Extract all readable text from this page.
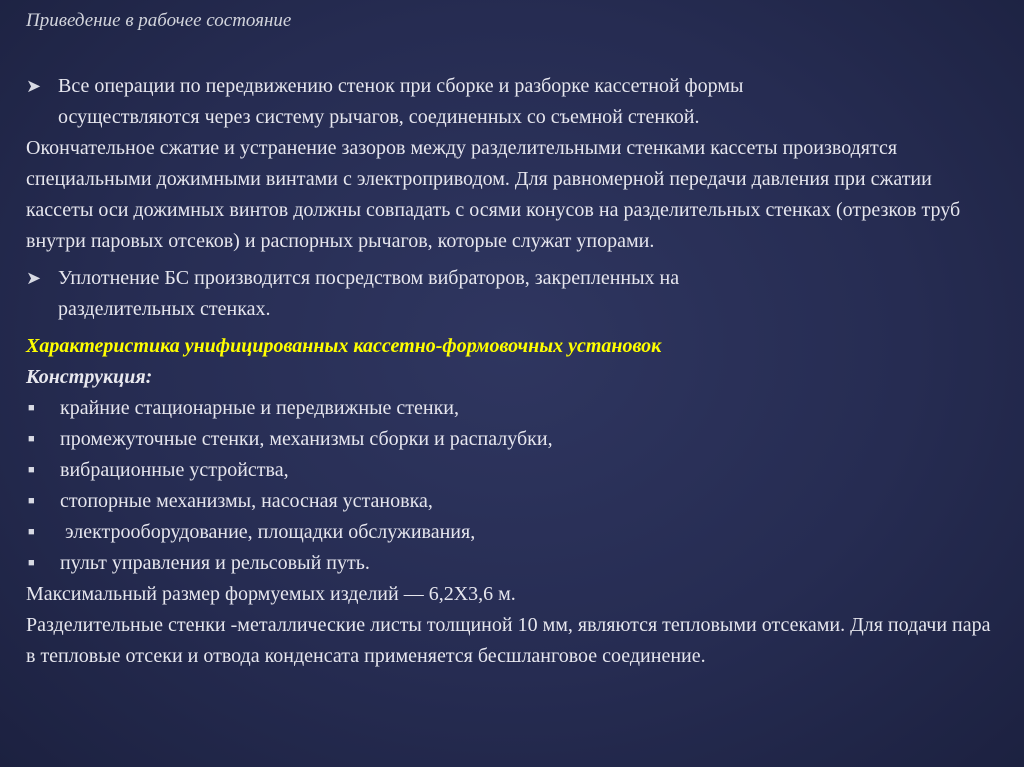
Приведение в рабочее состояние
➤ Все операции по передвижению стенок при сборке и разборке кассетной формы
осуществляются через систему рычагов, соединенных со съемной стенкой.

Окончательное сжатие и устранение зазоров между разделительными стенками кассеты производятся специальными дожимными винтами с электроприводом. Для равномерной передачи давления при сжатии кассеты оси дожимных винтов должны совпадать с осями конусов на разделительных стенках (отрезков труб внутри паровых отсеков) и распорных рычагов, которые служат упорами.

➤ Уплотнение БС производится посредством вибраторов, закрепленных на
разделительных стенках.
Характеристика унифицированных кассетно-формовочных установок
Конструкция:
■	крайние стационарные и передвижные стенки,
■	промежуточные стенки, механизмы сборки и распалубки,
■	вибрационные устройства,
■	стопорные механизмы, насосная установка,
■	электрооборудование, площадки обслуживания,
■	пульт управления и рельсовый путь.

Максимальный размер формуемых изделий — 6,2Х3,6 м.

Разделительные стенки -металлические листы толщиной 10 мм, являются тепловыми отсеками. Для подачи пара в тепловые отсеки и отвода конденсата применяется бесшланговое соединение.
